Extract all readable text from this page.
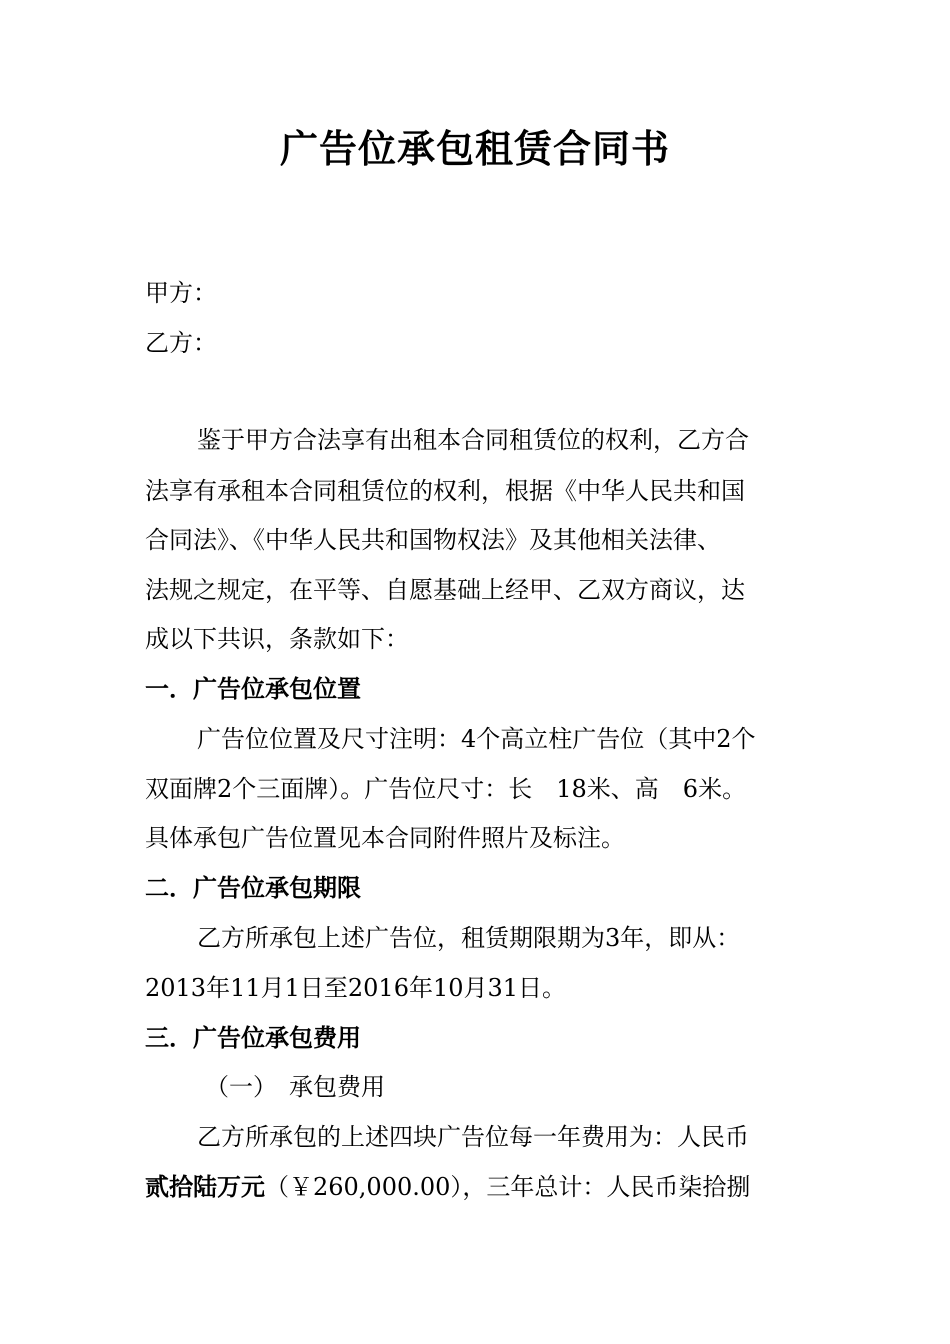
广告位承包租赁合同书
甲方：
乙方：
鉴于甲方合法享有出租本合同租赁位的权利，乙方合
法享有承租本合同租赁位的权利，根据《中华人民共和国
合同法》、《中华人民共和国物权法》及其他相关法律、
法规之规定，在平等、自愿基础上经甲、乙双方商议，达
成以下共识，条款如下：
一．广告位承包位置
广告位位置及尺寸注明：4个高立柱广告位（其中2个
双面牌2个三面牌）。广告位尺寸：长　18米、高　6米。
具体承包广告位置见本合同附件照片及标注。
二．广告位承包期限
乙方所承包上述广告位，租赁期限期为3年，即从：
2013年11月1日至2016年10月31日。
三．广告位承包费用
（一）　承包费用
乙方所承包的上述四块广告位每一年费用为：人民币
贰拾陆万元（￥260,000.00），三年总计：人民币柒拾捌
